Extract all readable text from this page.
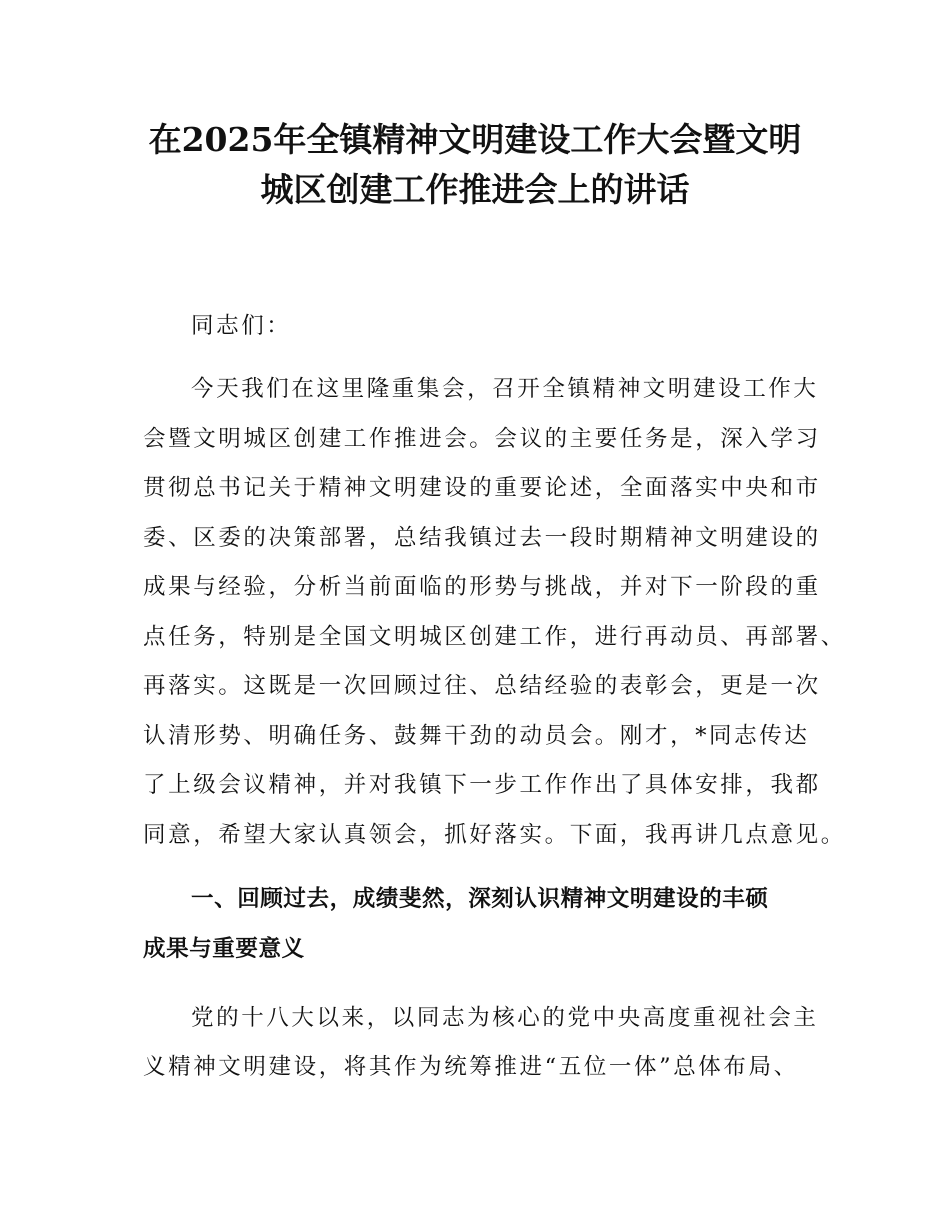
在2025年全镇精神文明建设工作大会暨文明
城区创建工作推进会上的讲话

同志们：

今天我们在这里隆重集会，召开全镇精神文明建设工作大

会暨文明城区创建工作推进会。会议的主要任务是，深入学习

贯彻总书记关于精神文明建设的重要论述，全面落实中央和市

委、区委的决策部署，总结我镇过去一段时期精神文明建设的

成果与经验，分析当前面临的形势与挑战，并对下一阶段的重

点任务，特别是全国文明城区创建工作，进行再动员、再部署、

再落实。这既是一次回顾过往、总结经验的表彰会，更是一次

认清形势、明确任务、鼓舞干劲的动员会。刚才，*同志传达

了上级会议精神，并对我镇下一步工作作出了具体安排，我都

同意，希望大家认真领会，抓好落实。下面，我再讲几点意见。

一、回顾过去，成绩斐然，深刻认识精神文明建设的丰硕

成果与重要意义

党的十八大以来，以同志为核心的党中央高度重视社会主

义精神文明建设，将其作为统筹推进“五位一体”总体布局、
